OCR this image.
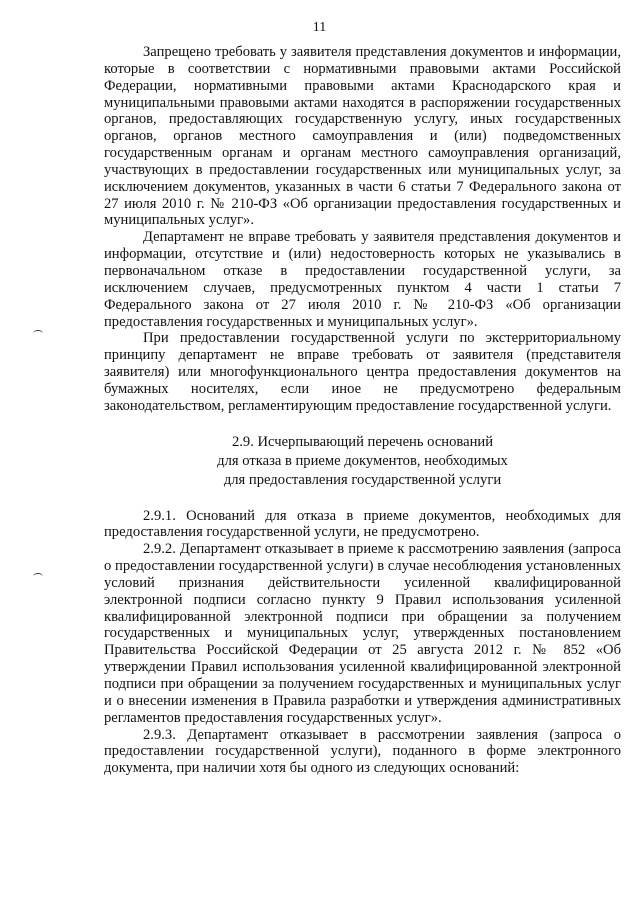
11

Запрещено требовать у заявителя представления документов и информации, которые в соответствии с нормативными правовыми актами Российской Федерации, нормативными правовыми актами Краснодарского края и муниципальными правовыми актами находятся в распоряжении государственных органов, предоставляющих государственную услугу, иных государственных органов, органов местного самоуправления и (или) подведомственных государственным органам и органам местного самоуправления организаций, участвующих в предоставлении государственных или муниципальных услуг, за исключением документов, указанных в части 6 статьи 7 Федерального закона от 27 июля 2010 г. № 210-ФЗ «Об организации предоставления государственных и муниципальных услуг».

Департамент не вправе требовать у заявителя представления документов и информации, отсутствие и (или) недостоверность которых не указывались в первоначальном отказе в предоставлении государственной услуги, за исключением случаев, предусмотренных пунктом 4 части 1 статьи 7 Федерального закона от 27 июля 2010 г. № 210-ФЗ «Об организации предоставления государственных и муниципальных услуг».

При предоставлении государственной услуги по экстерриториальному принципу департамент не вправе требовать от заявителя (представителя заявителя) или многофункционального центра предоставления документов на бумажных носителях, если иное не предусмотрено федеральным законодательством, регламентирующим предоставление государственной услуги.

2.9. Исчерпывающий перечень оснований
для отказа в приеме документов, необходимых
для предоставления государственной услуги

2.9.1. Оснований для отказа в приеме документов, необходимых для предоставления государственной услуги, не предусмотрено.

2.9.2. Департамент отказывает в приеме к рассмотрению заявления (запроса о предоставлении государственной услуги) в случае несоблюдения установленных условий признания действительности усиленной квалифицированной электронной подписи согласно пункту 9 Правил использования усиленной квалифицированной электронной подписи при обращении за получением государственных и муниципальных услуг, утвержденных постановлением Правительства Российской Федерации от 25 августа 2012 г. № 852 «Об утверждении Правил использования усиленной квалифицированной электронной подписи при обращении за получением государственных и муниципальных услуг и о внесении изменения в Правила разработки и утверждения административных регламентов предоставления государственных услуг».

2.9.3. Департамент отказывает в рассмотрении заявления (запроса о предоставлении государственной услуги), поданного в форме электронного документа, при наличии хотя бы одного из следующих оснований:
